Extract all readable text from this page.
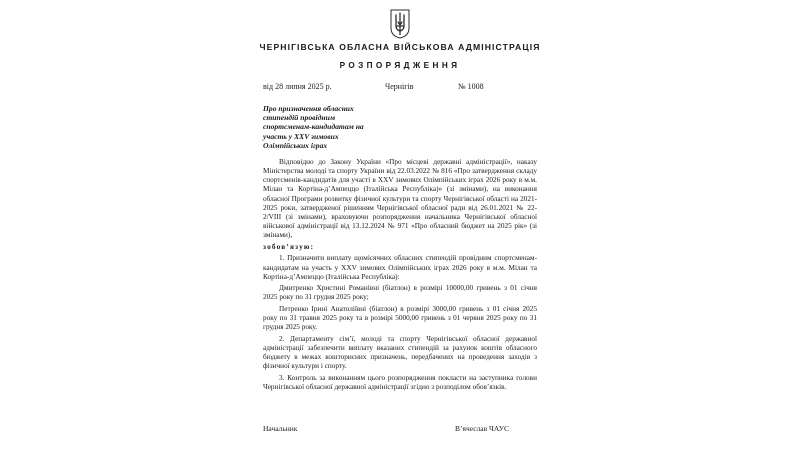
ЧЕРНІГІВСЬКА ОБЛАСНА ВІЙСЬКОВА АДМІНІСТРАЦІЯ
РОЗПОРЯДЖЕННЯ
від 28 липня 2025 р.	Чернігів	№ 1008
Про призначення обласних
стипендій провідним
спортсменам-кандидатам на
участь у XXV зимових
Олімпійських іграх

Відповідно до Закону України «Про місцеві державні адміністрації», наказу Міністерства молоді та спорту України від 22.03.2022 № 816 «Про затвердження складу спортсменів-кандидатів для участі в XXV зимових Олімпійських іграх 2026 року в м.м. Мілан та Кортіна-д’Ампеццо (Італійська Республіка)» (зі змінами), на виконання обласної Програми розвитку фізичної культури та спорту Чернігівської області на 2021-2025 роки, затвердженої рішенням Чернігівської обласної ради від 26.01.2021 № 22-2/VIII (зі змінами), враховуючи розпорядження начальника Чернігівської обласної військової адміністрації від 13.12.2024 № 971 «Про обласний бюджет на 2025 рік» (зі змінами),

зобов’язую:

1. Призначити виплату щомісячних обласних стипендій провідним спортсменам-кандидатам на участь у XXV зимових Олімпійських іграх 2026 року в м.м. Мілан та Кортіна-д’Ампеццо (Італійська Республіка):

Дмитренко Христині Романівні (біатлон) в розмірі 10000,00 гривень з 01 січня 2025 року по 31 грудня 2025 року;

Петренко Ірині Анатоліївні (біатлон) в розмірі 3000,00 гривень з 01 січня 2025 року по 31 травня 2025 року та в розмірі 5000,00 гривень з 01 червня 2025 року по 31 грудня 2025 року.

2. Департаменту сім’ї, молоді та спорту Чернігівської обласної державної адміністрації забезпечити виплату вказаних стипендій за рахунок коштів обласного бюджету в межах кошторисних призначень, передбачених на проведення заходів з фізичної культури і спорту.

3. Контроль за виконанням цього розпорядження покласти на заступника голови Чернігівської обласної державної адміністрації згідно з розподілом обов’язків.

Начальник	В’ячеслав ЧАУС
